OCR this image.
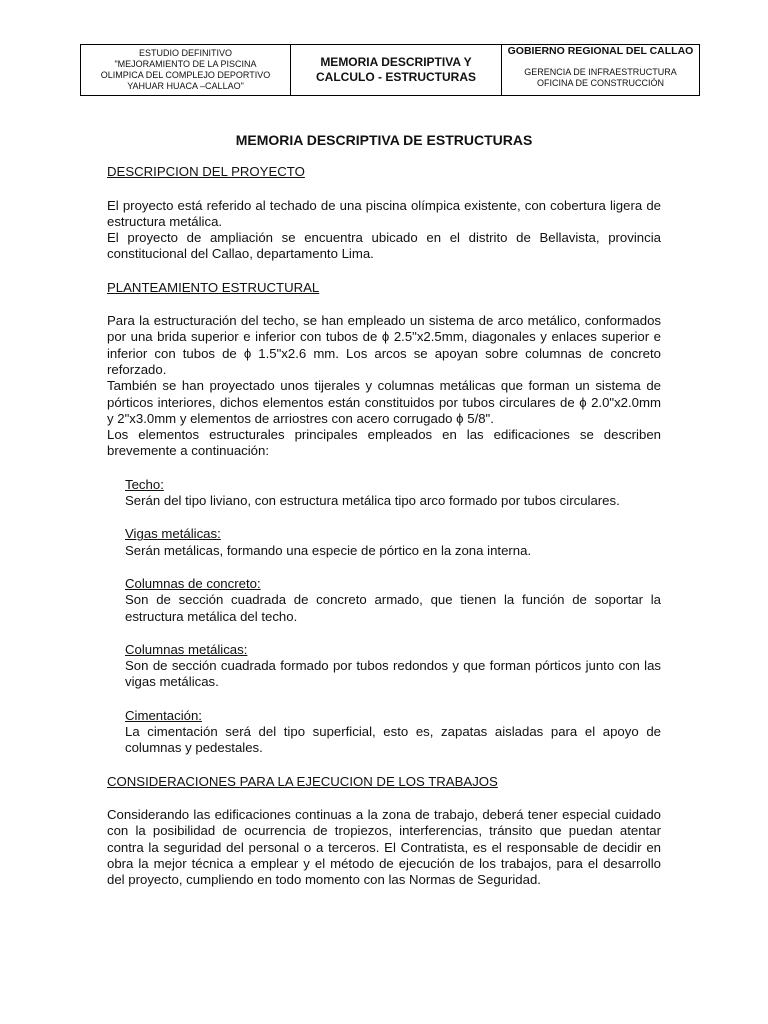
ESTUDIO DEFINITIVO
"MEJORAMIENTO DE LA PISCINA
OLIMPICA DEL COMPLEJO DEPORTIVO
YAHUAR HUACA –CALLAO"

MEMORIA DESCRIPTIVA Y
CALCULO - ESTRUCTURAS

GOBIERNO REGIONAL DEL CALLAO
GERENCIA DE INFRAESTRUCTURA
OFICINA DE CONSTRUCCIÓN

MEMORIA DESCRIPTIVA DE ESTRUCTURAS

DESCRIPCION DEL PROYECTO

El proyecto está referido al techado de una piscina olímpica existente, con cobertura ligera de estructura metálica.

El proyecto de ampliación se encuentra ubicado en el distrito de Bellavista, provincia constitucional del Callao, departamento Lima.

PLANTEAMIENTO ESTRUCTURAL

Para la estructuración del techo, se han empleado un sistema de arco metálico, conformados por una brida superior e inferior con tubos de ϕ 2.5"x2.5mm, diagonales y enlaces superior e inferior con tubos de ϕ 1.5"x2.6 mm. Los arcos se apoyan sobre columnas de concreto reforzado.

También se han proyectado unos tijerales y columnas metálicas que forman un sistema de pórticos interiores, dichos elementos están constituidos por tubos circulares de ϕ 2.0"x2.0mm y 2"x3.0mm y elementos de arriostres con acero corrugado ϕ 5/8".

Los elementos estructurales principales empleados en las edificaciones se describen brevemente a continuación:

Techo:

Serán del tipo liviano, con estructura metálica tipo arco formado por tubos circulares.

Vigas metálicas:

Serán metálicas, formando una especie de pórtico en la zona interna.

Columnas de concreto:

Son de sección cuadrada de concreto armado, que tienen la función de soportar la estructura metálica del techo.

Columnas metálicas:

Son de sección cuadrada formado por tubos redondos y que forman pórticos junto con las vigas metálicas.

Cimentación:

La cimentación será del tipo superficial, esto es, zapatas aisladas para el apoyo de columnas y pedestales.

CONSIDERACIONES PARA LA EJECUCION DE LOS TRABAJOS

Considerando las edificaciones continuas a la zona de trabajo, deberá tener especial cuidado con la posibilidad de ocurrencia de tropiezos, interferencias, tránsito que puedan atentar contra la seguridad del personal o a terceros. El Contratista, es el responsable de decidir en obra la mejor técnica a emplear y el método de ejecución de los trabajos, para el desarrollo del proyecto, cumpliendo en todo momento con las Normas de Seguridad.
